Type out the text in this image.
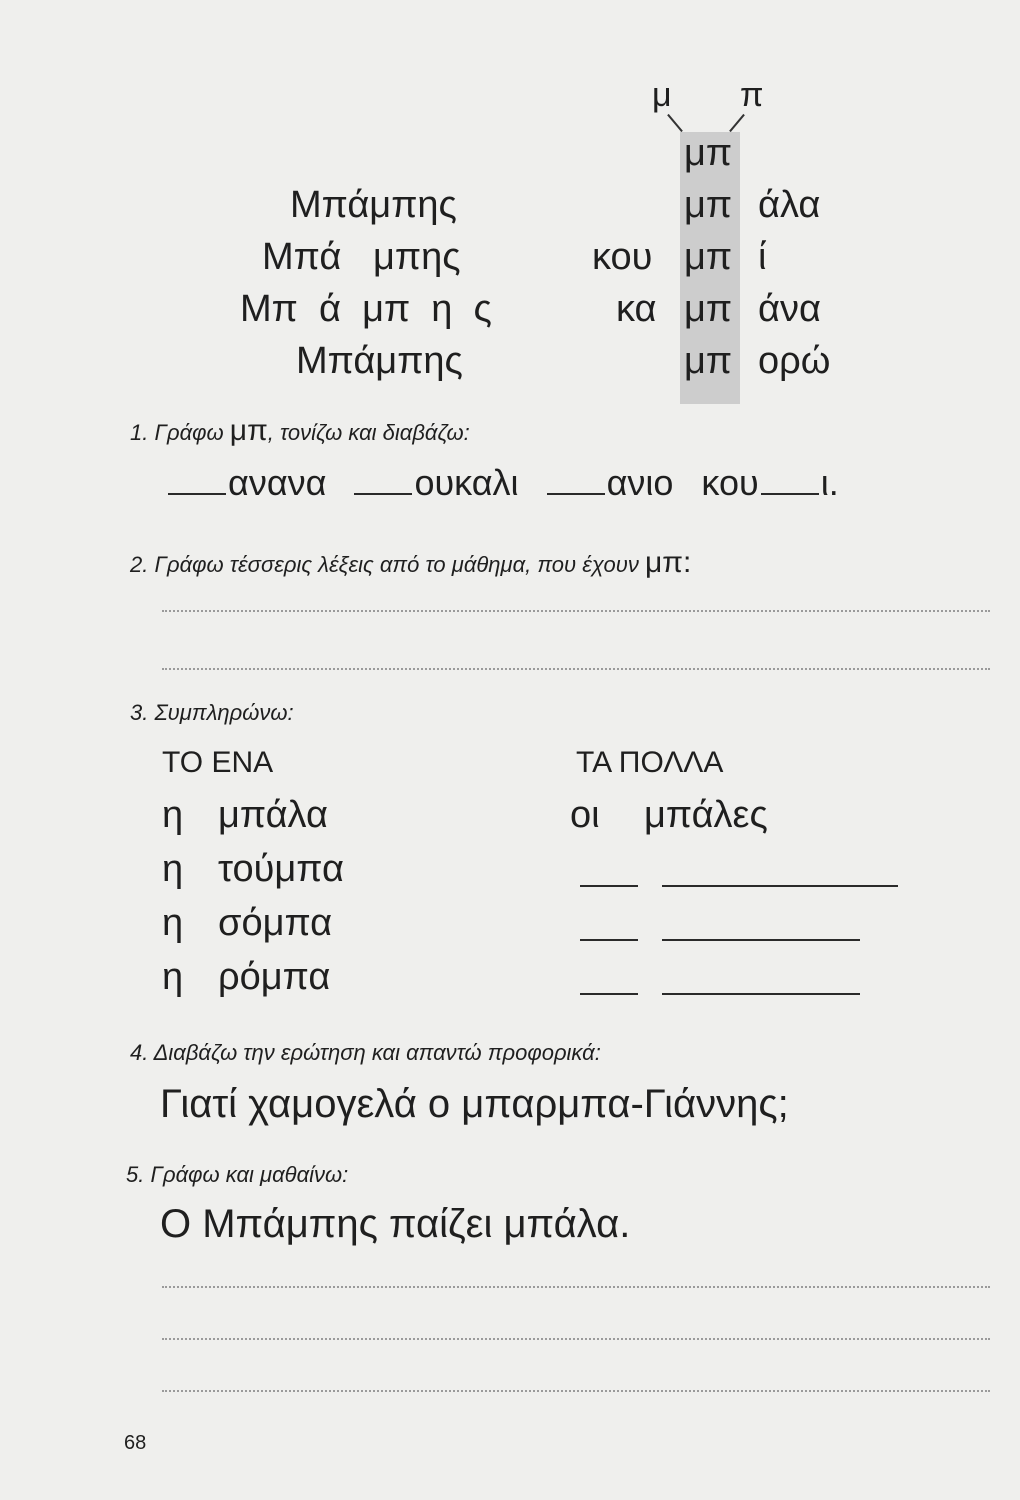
μ π
μπ
Μπάμπης
Μπά   μπης
Μπ  ά  μπ  η  ς
Μπάμπης
μπ
μπ
μπ
μπ
κου
κα
άλα
ί
άνα
ορώ
1. Γράφω μπ, τονίζω και διαβάζω:
ανανα ουκαλι ανιο κου ι.
2. Γράφω τέσσερις λέξεις από το μάθημα, που έχουν μπ:
3. Συμπληρώνω:
ΤΟ ΕΝΑ	ΤΑ ΠΟΛΛΑ
η μπάλα	οι μπάλες
η τούμπα
η σόμπα
η ρόμπα
4. Διαβάζω την ερώτηση και απαντώ προφορικά:
Γιατί χαμογελά ο μπαρμπα-Γιάννης;
5. Γράφω και μαθαίνω:
Ο Μπάμπης παίζει μπάλα.
68
